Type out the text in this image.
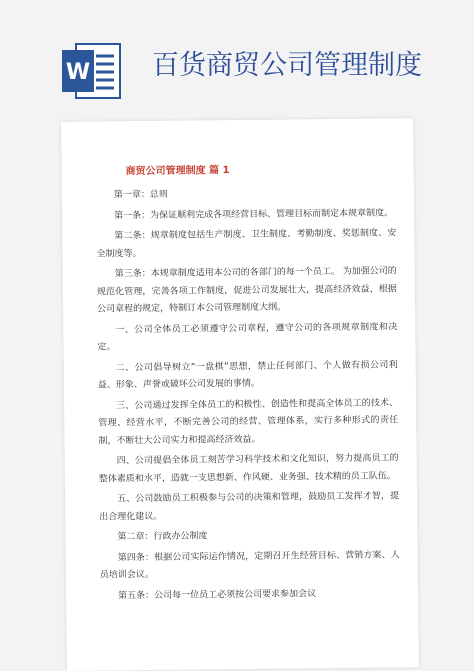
W 百货商贸公司管理制度
商贸公司管理制度 篇 1

第一章：总则

第一条：为保证顺利完成各项经营目标、管理目标而制定本规章制度。

第二条：规章制度包括生产制度、卫生制度、考勤制度、奖惩制度、安全制度等。

第三条：本规章制度适用本公司的各部门的每一个员工。 为加强公司的规范化管理，完善各项工作制度，促进公司发展壮大，提高经济效益，根据公司章程的规定，特制订本公司管理制度大纲。

一、公司全体员工必须遵守公司章程，遵守公司的各项规章制度和决定。

二、公司倡导树立“一盘棋”思想，禁止任何部门、个人做有损公司利益、形象、声誉或破坏公司发展的事情。

三、公司通过发挥全体员工的积极性、创造性和提高全体员工的技术、管理、经营水平，不断完善公司的经营、管理体系，实行多种形式的责任制，不断壮大公司实力和提高经济效益。

四、公司提倡全体员工刻苦学习科学技术和文化知识，努力提高员工的整体素质和水平，造就一支思想新、作风硬、业务强、技术精的员工队伍。

五、公司鼓励员工积极参与公司的决策和管理，鼓励员工发挥才智，提出合理化建议。

第二章：行政办公制度

第四条：根据公司实际运作情况，定期召开生经营目标、营销方案、人员培训会议。

第五条：公司每一位员工必须按公司要求参加会议
